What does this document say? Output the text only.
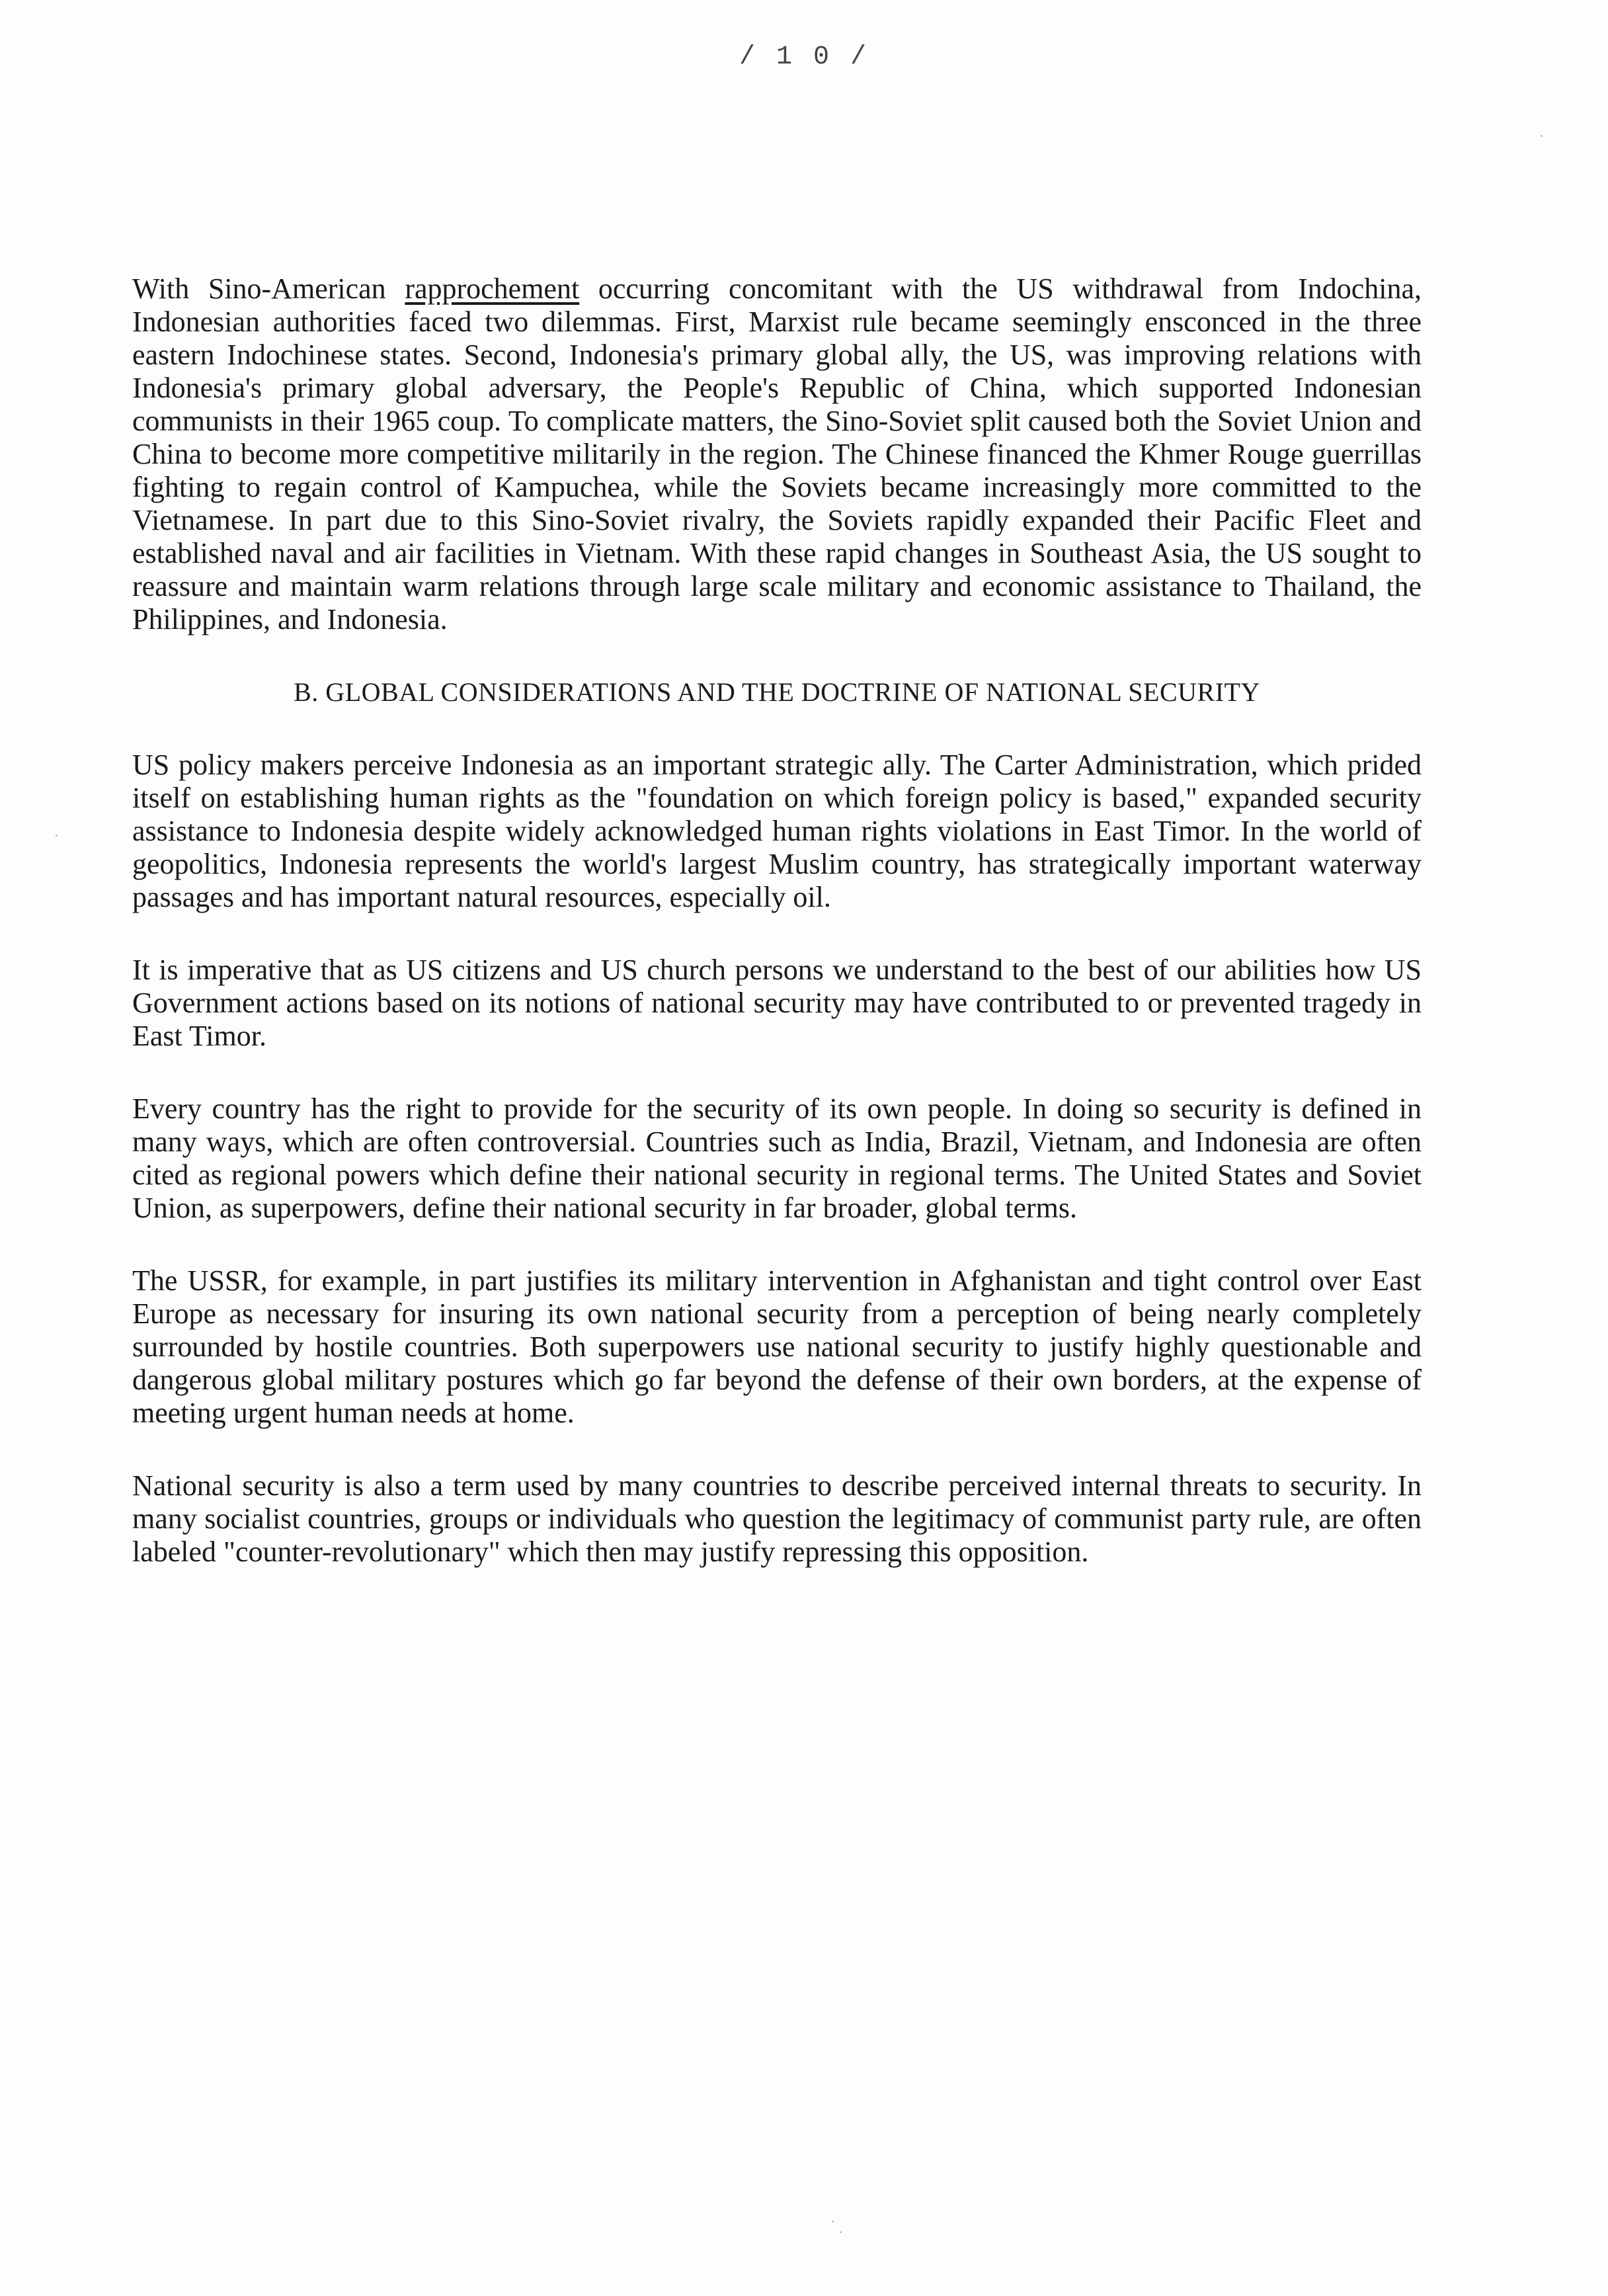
/ 1 0 /

With Sino-American rapprochement occurring concomitant with the US withdrawal from Indochina, Indonesian authorities faced two dilemmas. First, Marxist rule became seemingly ensconced in the three eastern Indochinese states. Second, Indonesia's primary global ally, the US, was improving relations with Indonesia's primary global adversary, the People's Republic of China, which supported Indonesian communists in their 1965 coup. To complicate matters, the Sino-Soviet split caused both the Soviet Union and China to become more competitive militarily in the region. The Chinese financed the Khmer Rouge guerrillas fighting to regain control of Kampuchea, while the Soviets became increasingly more committed to the Vietnamese. In part due to this Sino-Soviet rivalry, the Soviets rapidly expanded their Pacific Fleet and established naval and air facilities in Vietnam. With these rapid changes in Southeast Asia, the US sought to reassure and maintain warm relations through large scale military and economic assistance to Thailand, the Philippines, and Indonesia.

B. GLOBAL CONSIDERATIONS AND THE DOCTRINE OF NATIONAL SECURITY

US policy makers perceive Indonesia as an important strategic ally. The Carter Administration, which prided itself on establishing human rights as the "foundation on which foreign policy is based," expanded security assistance to Indonesia despite widely acknowledged human rights violations in East Timor. In the world of geopolitics, Indonesia represents the world's largest Muslim country, has strategically important waterway passages and has important natural resources, especially oil.

It is imperative that as US citizens and US church persons we understand to the best of our abilities how US Government actions based on its notions of national security may have contributed to or prevented tragedy in East Timor.

Every country has the right to provide for the security of its own people. In doing so security is defined in many ways, which are often controversial. Countries such as India, Brazil, Vietnam, and Indonesia are often cited as regional powers which define their national security in regional terms. The United States and Soviet Union, as superpowers, define their national security in far broader, global terms.

The USSR, for example, in part justifies its military intervention in Afghanistan and tight control over East Europe as necessary for insuring its own national security from a perception of being nearly completely surrounded by hostile countries. Both superpowers use national security to justify highly questionable and dangerous global military postures which go far beyond the defense of their own borders, at the expense of meeting urgent human needs at home.

National security is also a term used by many countries to describe perceived internal threats to security. In many socialist countries, groups or individuals who question the legitimacy of communist party rule, are often labeled "counter-revolutionary" which then may justify repressing this opposition.
